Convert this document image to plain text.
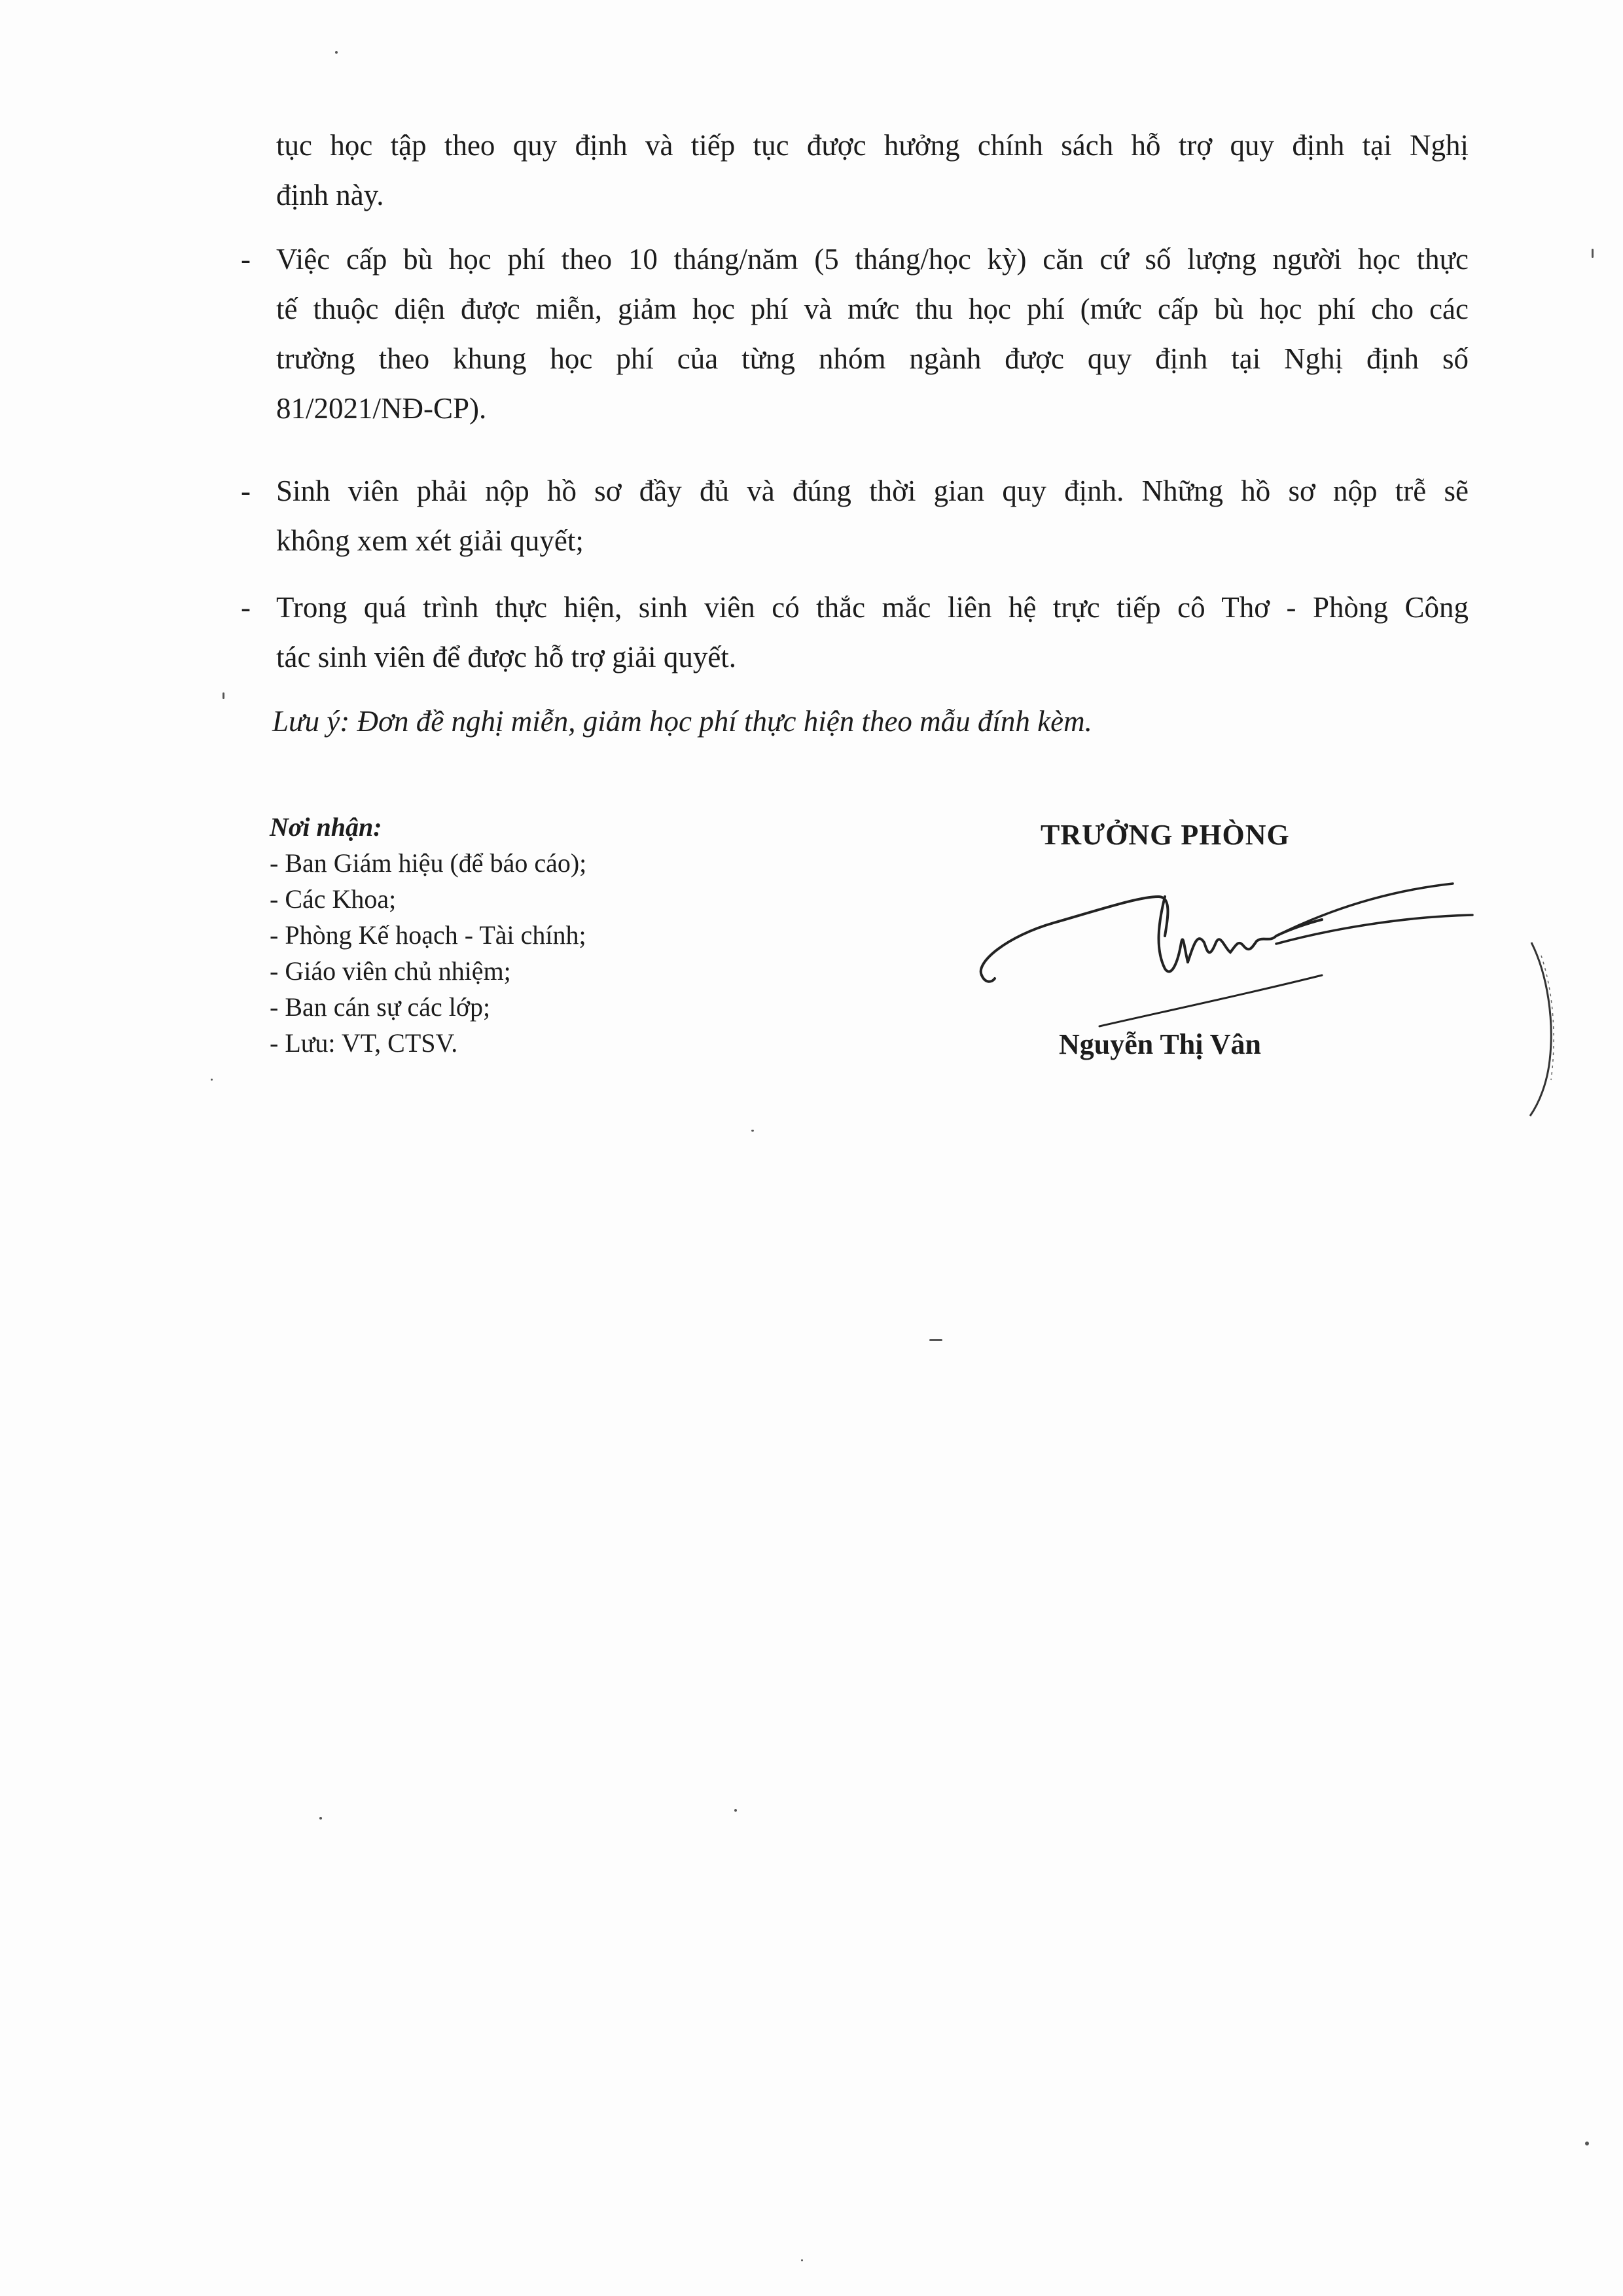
tục học tập theo quy định và tiếp tục được hưởng chính sách hỗ trợ quy định tại Nghị
định này.
- Việc cấp bù học phí theo 10 tháng/năm (5 tháng/học kỳ) căn cứ số lượng người học thực
tế thuộc diện được miễn, giảm học phí và mức thu học phí (mức cấp bù học phí cho các
trường theo khung học phí của từng nhóm ngành được quy định tại Nghị định số
81/2021/NĐ-CP).
- Sinh viên phải nộp hồ sơ đầy đủ và đúng thời gian quy định. Những hồ sơ nộp trễ sẽ
không xem xét giải quyết;
- Trong quá trình thực hiện, sinh viên có thắc mắc liên hệ trực tiếp cô Thơ - Phòng Công
tác sinh viên để được hỗ trợ giải quyết.
Lưu ý: Đơn đề nghị miễn, giảm học phí thực hiện theo mẫu đính kèm.
Nơi nhận:
- Ban Giám hiệu (để báo cáo);
- Các Khoa;
- Phòng Kế hoạch - Tài chính;
- Giáo viên chủ nhiệm;
- Ban cán sự các lớp;
- Lưu: VT, CTSV.
TRƯỞNG PHÒNG
Nguyễn Thị Vân
